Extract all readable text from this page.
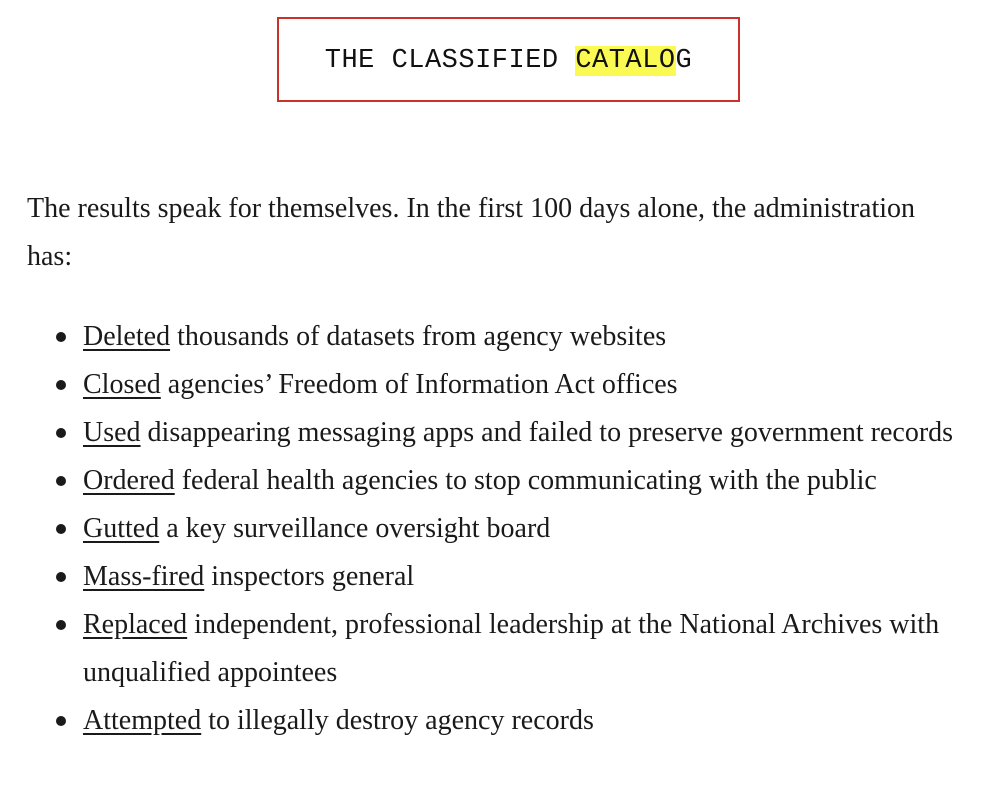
THE CLASSIFIED CATALOG

The results speak for themselves. In the first 100 days alone, the administration has:

Deleted thousands of datasets from agency websites
Closed agencies’ Freedom of Information Act offices
Used disappearing messaging apps and failed to preserve government records
Ordered federal health agencies to stop communicating with the public
Gutted a key surveillance oversight board
Mass-fired inspectors general
Replaced independent, professional leadership at the National Archives with unqualified appointees
Attempted to illegally destroy agency records
